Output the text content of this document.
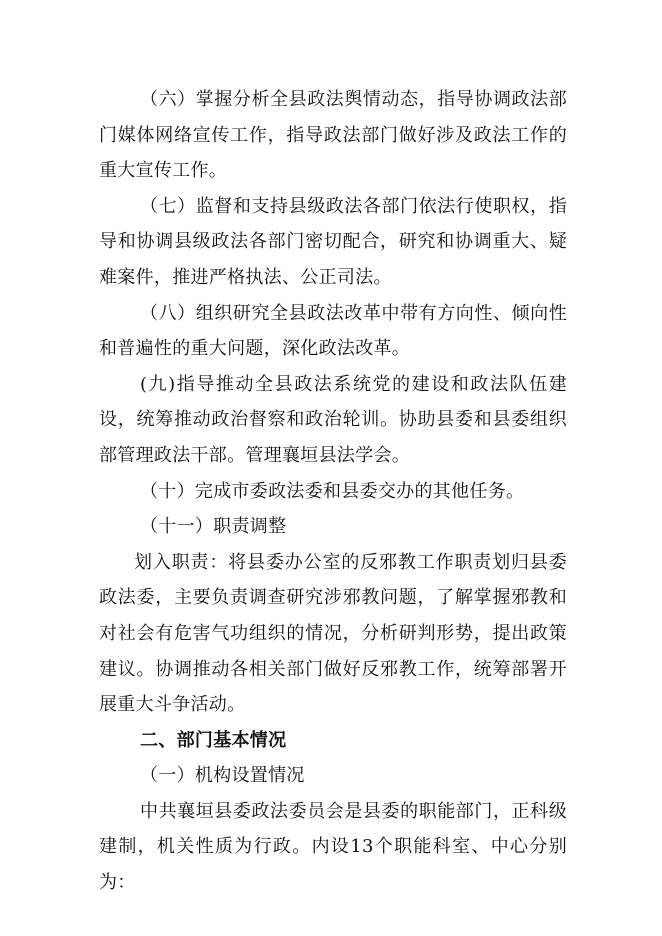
（六）掌握分析全县政法舆情动态，指导协调政法部门媒体网络宣传工作，指导政法部门做好涉及政法工作的重大宣传工作。

（七）监督和支持县级政法各部门依法行使职权，指导和协调县级政法各部门密切配合，研究和协调重大、疑难案件，推进严格执法、公正司法。

（八）组织研究全县政法改革中带有方向性、倾向性和普遍性的重大问题，深化政法改革。

(九)指导推动全县政法系统党的建设和政法队伍建设，统筹推动政治督察和政治轮训。协助县委和县委组织部管理政法干部。管理襄垣县法学会。

（十）完成市委政法委和县委交办的其他任务。

（十一）职责调整

划入职责：将县委办公室的反邪教工作职责划归县委政法委，主要负责调查研究涉邪教问题，了解掌握邪教和对社会有危害气功组织的情况，分析研判形势，提出政策建议。协调推动各相关部门做好反邪教工作，统筹部署开展重大斗争活动。

二、部门基本情况

（一）机构设置情况

中共襄垣县委政法委员会是县委的职能部门，正科级建制，机关性质为行政。内设13个职能科室、中心分别为：
